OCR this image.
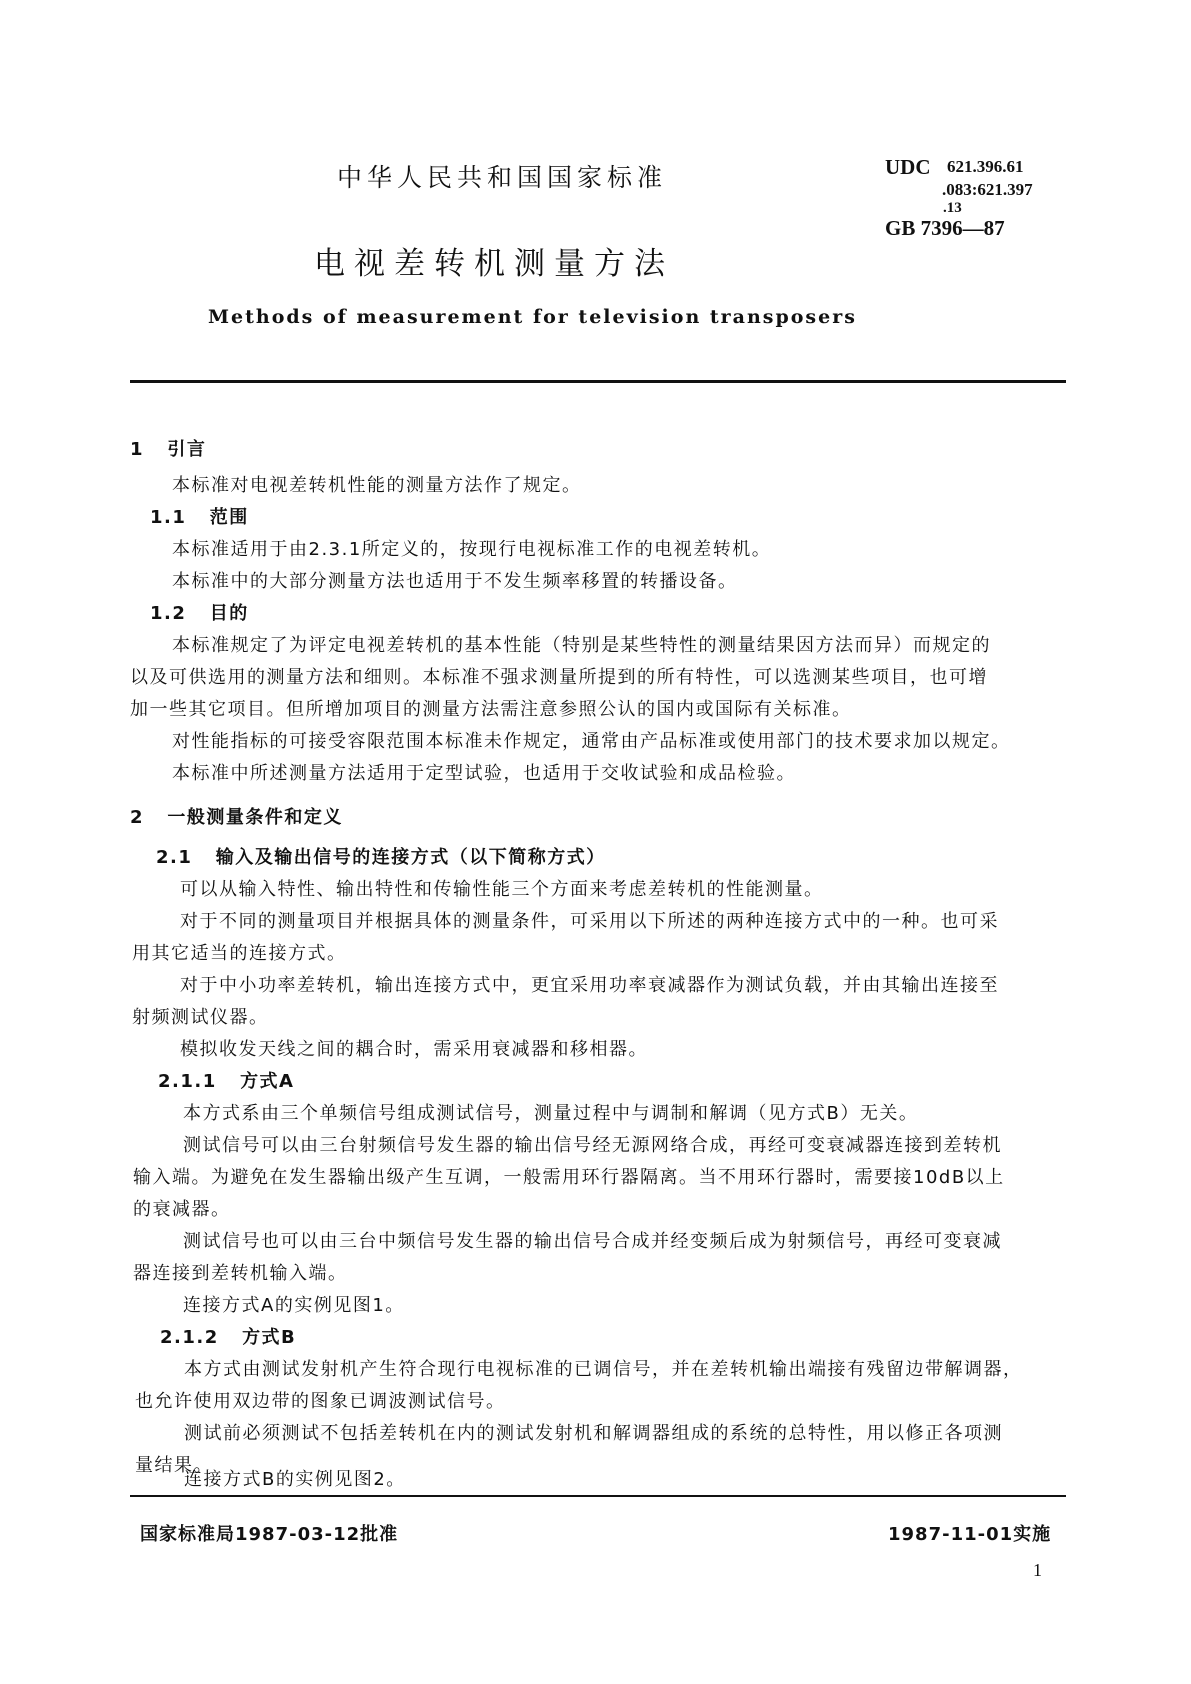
中华人民共和国国家标准
电视差转机测量方法
Methods of measurement for television transposers
UDC 621.396.61
.083:621.397
.13
GB 7396—87
1 引言
本标准对电视差转机性能的测量方法作了规定。
1.1 范围
本标准适用于由2.3.1所定义的，按现行电视标准工作的电视差转机。
本标准中的大部分测量方法也适用于不发生频率移置的转播设备。
1.2 目的
本标准规定了为评定电视差转机的基本性能（特别是某些特性的测量结果因方法而异）而规定的
以及可供选用的测量方法和细则。本标准不强求测量所提到的所有特性，可以选测某些项目，也可增
加一些其它项目。但所增加项目的测量方法需注意参照公认的国内或国际有关标准。
对性能指标的可接受容限范围本标准未作规定，通常由产品标准或使用部门的技术要求加以规定。
本标准中所述测量方法适用于定型试验，也适用于交收试验和成品检验。
2 一般测量条件和定义
2.1 输入及输出信号的连接方式（以下简称方式）
可以从输入特性、输出特性和传输性能三个方面来考虑差转机的性能测量。
对于不同的测量项目并根据具体的测量条件，可采用以下所述的两种连接方式中的一种。也可采
用其它适当的连接方式。
对于中小功率差转机，输出连接方式中，更宜采用功率衰减器作为测试负载，并由其输出连接至
射频测试仪器。
模拟收发天线之间的耦合时，需采用衰减器和移相器。
2.1.1 方式A
本方式系由三个单频信号组成测试信号，测量过程中与调制和解调（见方式B）无关。
测试信号可以由三台射频信号发生器的输出信号经无源网络合成，再经可变衰减器连接到差转机
输入端。为避免在发生器输出级产生互调，一般需用环行器隔离。当不用环行器时，需要接10dB以上
的衰减器。
测试信号也可以由三台中频信号发生器的输出信号合成并经变频后成为射频信号，再经可变衰减
器连接到差转机输入端。
连接方式A的实例见图1。
2.1.2 方式B
本方式由测试发射机产生符合现行电视标准的已调信号，并在差转机输出端接有残留边带解调器，
也允许使用双边带的图象已调波测试信号。
测试前必须测试不包括差转机在内的测试发射机和解调器组成的系统的总特性，用以修正各项测
量结果。
连接方式B的实例见图2。
国家标准局1987-03-12批准	1987-11-01实施
1
